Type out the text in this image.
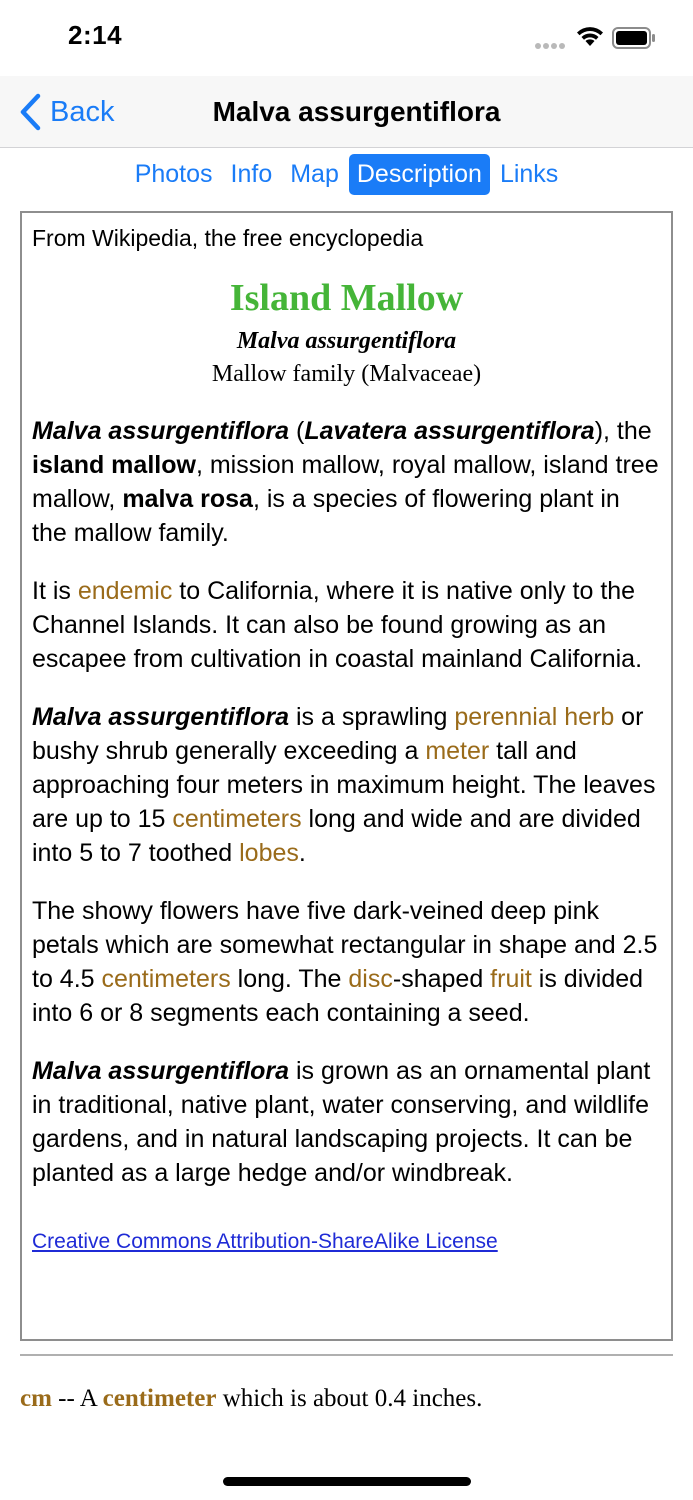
2:14
Back	Malva assurgentiflora
Photos Info Map Description Links
From Wikipedia, the free encyclopedia
Island Mallow
Malva assurgentiflora
Mallow family (Malvaceae)

Malva assurgentiflora (Lavatera assurgentiflora), the island mallow, mission mallow, royal mallow, island tree mallow, malva rosa, is a species of flowering plant in the mallow family.

It is endemic to California, where it is native only to the Channel Islands. It can also be found growing as an escapee from cultivation in coastal mainland California.

Malva assurgentiflora is a sprawling perennial herb or bushy shrub generally exceeding a meter tall and approaching four meters in maximum height. The leaves are up to 15 centimeters long and wide and are divided into 5 to 7 toothed lobes.

The showy flowers have five dark-veined deep pink petals which are somewhat rectangular in shape and 2.5 to 4.5 centimeters long. The disc-shaped fruit is divided into 6 or 8 segments each containing a seed.

Malva assurgentiflora is grown as an ornamental plant in traditional, native plant, water conserving, and wildlife gardens, and in natural landscaping projects. It can be planted as a large hedge and/or windbreak.

Creative Commons Attribution-ShareAlike License
cm -- A centimeter which is about 0.4 inches.
